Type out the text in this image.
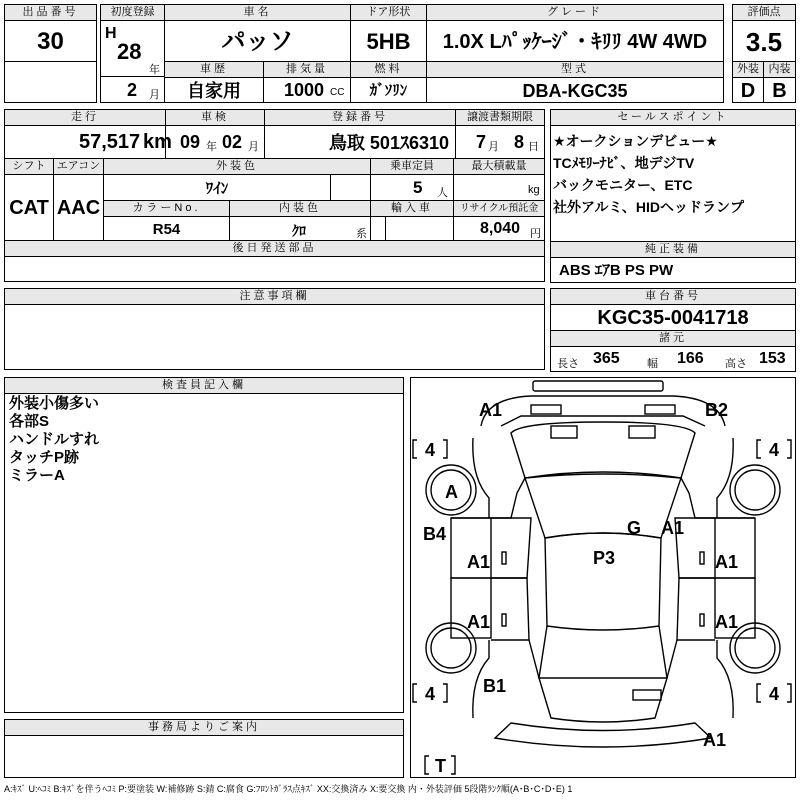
出品番号
30
初度登録
H
28
年
2 月
車名
パッソ
ドア形状
5HB
グレード
1.0X Lﾊﾟｯｹｰｼﾞ・ｷﾘﾘ 4W 4WD
評価点
3.5
車歴
自家用
排気量
1000 CC
燃料
ｶﾞｿﾘﾝ
型式
DBA-KGC35
外装 内装
D B
走行
57,517 km
車検
09 年 02 月
登録番号
鳥取 501ｽ6310
譲渡書類期限
7 月 8 日
シフト
CAT
エアコン
AAC
外装色
ﾜｲﾝ
乗車定員
5 人
最大積載量
kg
カラーNo.
R54
内装色
ｸﾛ	系
輸入車	リサイクル預託金
8,040 円
後日発送部品
セールスポイント
★オークションデビュー★
TCﾒﾓﾘｰﾅﾋﾞ、地デジTV
バックモニター、ETC
社外アルミ、HIDヘッドランプ
純正装備
ABS ｴｱB PS PW
注意事項欄	車台番号
KGC35-0041718
諸元
長さ 365 幅 166 高さ 153
検査員記入欄
外装小傷多い
各部S
ハンドルすれ
タッチP跡
ミラーA
事務局よりご案内
A1	B2
4	4
A
B4	G A1
P3
A1	A1
A1	A1
4	4
B1
A1
T
A:ｷｽﾞ U:ﾍｺﾐ B:ｷｽﾞを伴うﾍｺﾐ P:要塗装 W:補修跡 S:錆 C:腐食 G:ﾌﾛﾝﾄｶﾞﾗｽ点ｷｽﾞ XX:交換済み X:要交換 内・外装評価 5段階ﾗﾝｸ順(A･B･C･D･E) 1
